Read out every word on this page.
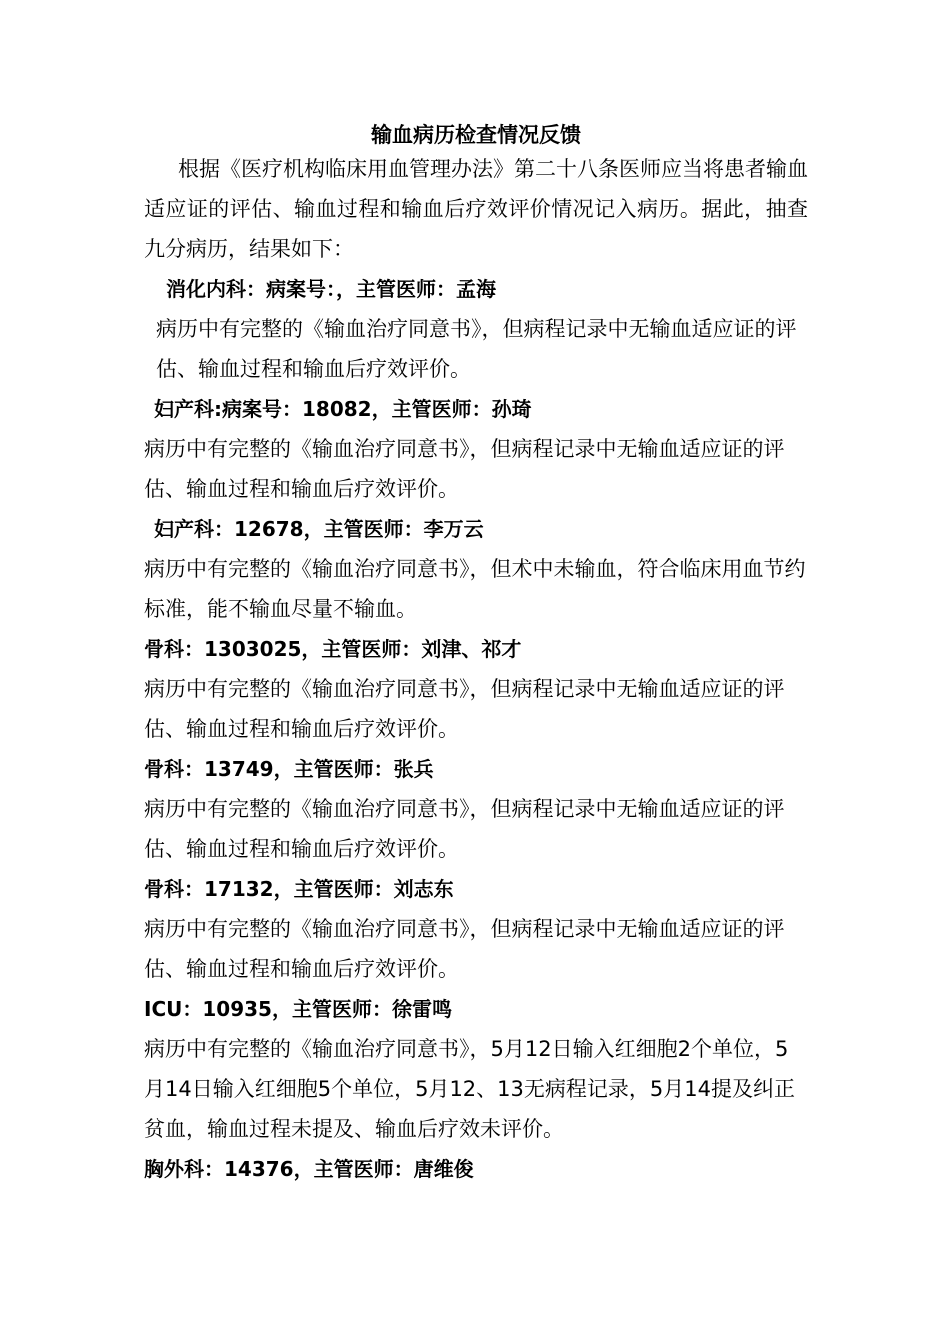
输血病历检查情况反馈

根据《医疗机构临床用血管理办法》第二十八条医师应当将患者输血适应证的评估、输血过程和输血后疗效评价情况记入病历。据此，抽查九分病历，结果如下：

消化内科：病案号：，主管医师：孟海

病历中有完整的《输血治疗同意书》，但病程记录中无输血适应证的评估、输血过程和输血后疗效评价。

妇产科:病案号：18082，主管医师：孙琦

病历中有完整的《输血治疗同意书》，但病程记录中无输血适应证的评估、输血过程和输血后疗效评价。

妇产科：12678，主管医师：李万云

病历中有完整的《输血治疗同意书》，但术中未输血，符合临床用血节约标准，能不输血尽量不输血。

骨科：1303025，主管医师：刘津、祁才

病历中有完整的《输血治疗同意书》，但病程记录中无输血适应证的评估、输血过程和输血后疗效评价。

骨科：13749，主管医师：张兵

病历中有完整的《输血治疗同意书》，但病程记录中无输血适应证的评估、输血过程和输血后疗效评价。

骨科：17132，主管医师：刘志东

病历中有完整的《输血治疗同意书》，但病程记录中无输血适应证的评估、输血过程和输血后疗效评价。

ICU：10935，主管医师：徐雷鸣

病历中有完整的《输血治疗同意书》，5月12日输入红细胞2个单位，5月14日输入红细胞5个单位，5月12、13无病程记录，5月14提及纠正贫血，输血过程未提及、输血后疗效未评价。

胸外科：14376，主管医师：唐维俊
